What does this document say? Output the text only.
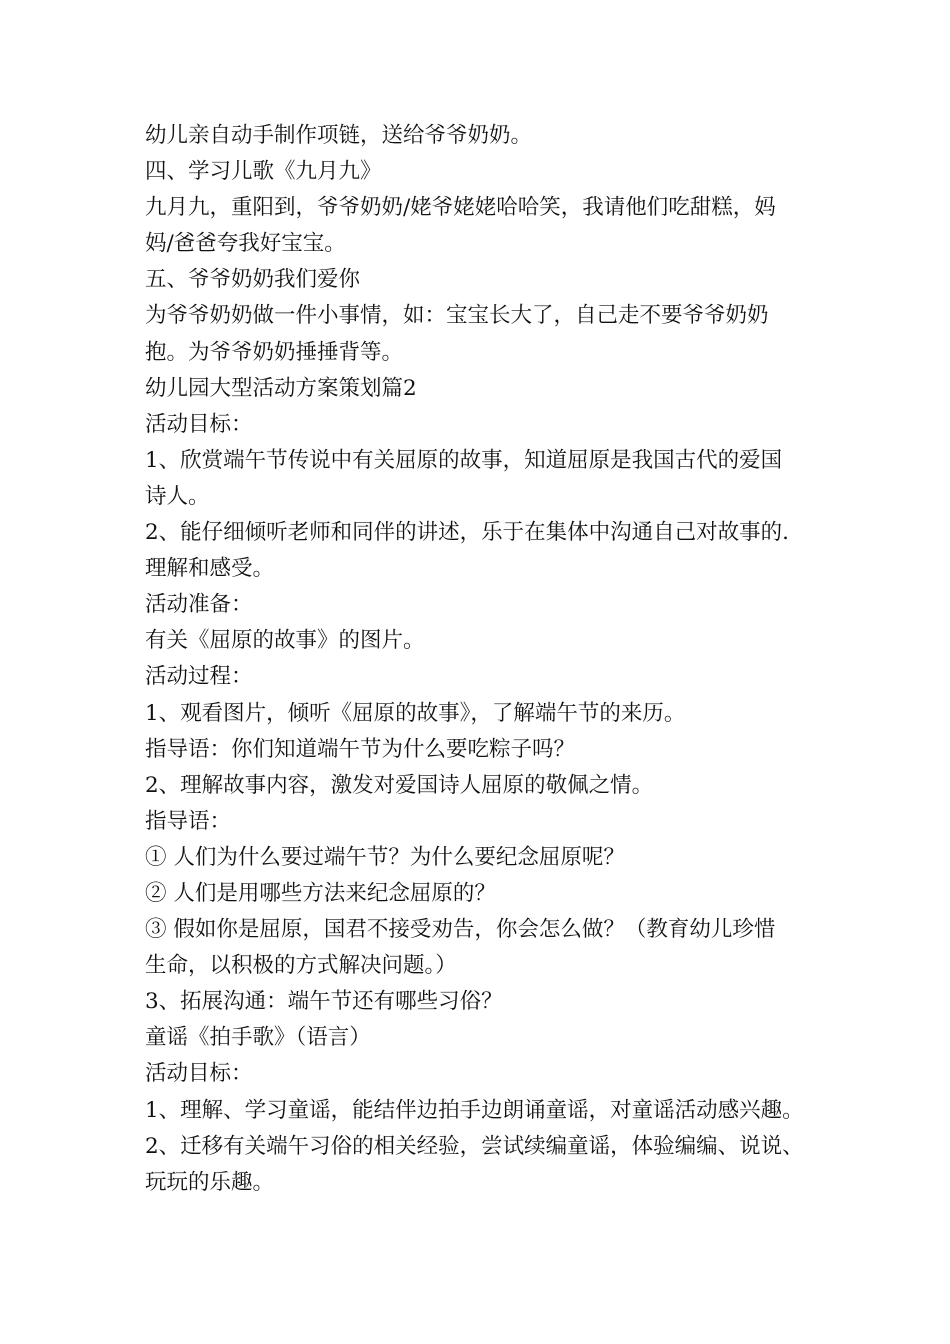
幼儿亲自动手制作项链，送给爷爷奶奶。

四、学习儿歌《九月九》

九月九，重阳到，爷爷奶奶/姥爷姥姥哈哈笑，我请他们吃甜糕，妈

妈/爸爸夸我好宝宝。

五、爷爷奶奶我们爱你

为爷爷奶奶做一件小事情，如：宝宝长大了，自己走不要爷爷奶奶

抱。为爷爷奶奶捶捶背等。

幼儿园大型活动方案策划篇2

活动目标：

1、欣赏端午节传说中有关屈原的故事，知道屈原是我国古代的爱国

诗人。

2、能仔细倾听老师和同伴的讲述，乐于在集体中沟通自己对故事的.

理解和感受。

活动准备：

有关《屈原的故事》的图片。

活动过程：

1、观看图片，倾听《屈原的故事》，了解端午节的来历。

指导语：你们知道端午节为什么要吃粽子吗？

2、理解故事内容，激发对爱国诗人屈原的敬佩之情。

指导语：

① 人们为什么要过端午节？为什么要纪念屈原呢？

② 人们是用哪些方法来纪念屈原的？

③ 假如你是屈原，国君不接受劝告，你会怎么做？（教育幼儿珍惜

生命，以积极的方式解决问题。）

3、拓展沟通：端午节还有哪些习俗？

童谣《拍手歌》（语言）

活动目标：

1、理解、学习童谣，能结伴边拍手边朗诵童谣，对童谣活动感兴趣。

2、迁移有关端午习俗的相关经验，尝试续编童谣，体验编编、说说、

玩玩的乐趣。
